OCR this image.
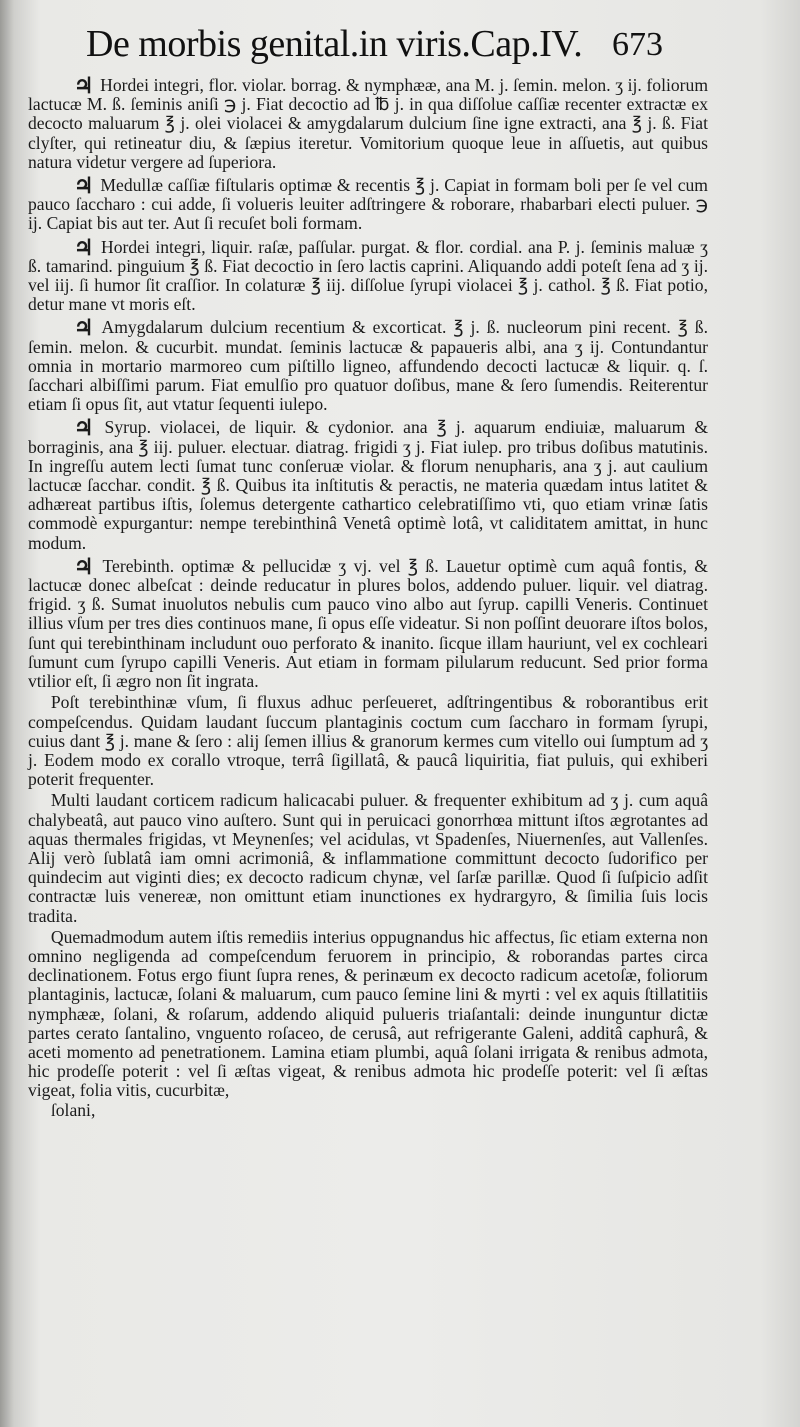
De morbis genital.in viris.Cap.IV. 673

♃ Hordei integri, flor. violar. borrag. & nymphææ, ana M. j. ſemin. melon. ʒ ij. foliorum lactucæ M. ß. ſeminis aniſi ℈ j. Fiat decoctio ad ℔ j. in qua diſſolue caſſiæ recenter extractæ ex decocto maluarum ℥ j. olei violacei & amygdalarum dulcium ſine igne extracti, ana ℥ j. ß. Fiat clyſter, qui retineatur diu, & ſæpius iteretur. Vomitorium quoque leue in aſſuetis, aut quibus natura videtur vergere ad ſuperiora.

♃ Medullæ caſſiæ fiſtularis optimæ & recentis ℥ j. Capiat in formam boli per ſe vel cum pauco ſaccharo : cui adde, ſi volueris leuiter adſtringere & roborare, rhabarbari electi puluer. ℈ ij. Capiat bis aut ter. Aut ſi recuſet boli formam.

♃ Hordei integri, liquir. raſæ, paſſular. purgat. & flor. cordial. ana P. j. ſeminis maluæ ʒ ß. tamarind. pinguium ℥ ß. Fiat decoctio in ſero lactis caprini. Aliquando addi poteſt ſena ad ʒ ij. vel iij. ſi humor ſit craſſior. In colaturæ ℥ iij. diſſolue ſyrupi violacei ℥ j. cathol. ℥ ß. Fiat potio, detur mane vt moris eſt.

♃ Amygdalarum dulcium recentium & excorticat. ℥ j. ß. nucleorum pini recent. ℥ ß. ſemin. melon. & cucurbit. mundat. ſeminis lactucæ & papaueris albi, ana ʒ ij. Contundantur omnia in mortario marmoreo cum piſtillo ligneo, affundendo decocti lactucæ & liquir. q. ſ. ſacchari albiſſimi parum. Fiat emulſio pro quatuor doſibus, mane & ſero ſumendis. Reiterentur etiam ſi opus ſit, aut vtatur ſequenti iulepo.

♃ Syrup. violacei, de liquir. & cydonior. ana ℥ j. aquarum endiuiæ, maluarum & borraginis, ana ℥ iij. puluer. electuar. diatrag. frigidi ʒ j. Fiat iulep. pro tribus doſibus matutinis. In ingreſſu autem lecti ſumat tunc conſeruæ violar. & florum nenupharis, ana ʒ j. aut caulium lactucæ ſacchar. condit. ℥ ß. Quibus ita inſtitutis & peractis, ne materia quædam intus latitet & adhæreat partibus iſtis, ſolemus detergente cathartico celebratiſſimo vti, quo etiam vrinæ ſatis commodè expurgantur: nempe terebinthinâ Venetâ optimè lotâ, vt caliditatem amittat, in hunc modum.

♃ Terebinth. optimæ & pellucidæ ʒ vj. vel ℥ ß. Lauetur optimè cum aquâ fontis, & lactucæ donec albeſcat : deinde reducatur in plures bolos, addendo puluer. liquir. vel diatrag. frigid. ʒ ß. Sumat inuolutos nebulis cum pauco vino albo aut ſyrup. capilli Veneris. Continuet illius vſum per tres dies continuos mane, ſi opus eſſe videatur. Si non poſſint deuorare iſtos bolos, ſunt qui terebinthinam includunt ouo perforato & inanito. ſicque illam hauriunt, vel ex cochleari ſumunt cum ſyrupo capilli Veneris. Aut etiam in formam pilularum reducunt. Sed prior forma vtilior eſt, ſi ægro non ſit ingrata.

Poſt terebinthinæ vſum, ſi fluxus adhuc perſeueret, adſtringentibus & roborantibus erit compeſcendus. Quidam laudant ſuccum plantaginis coctum cum ſaccharo in formam ſyrupi, cuius dant ℥ j. mane & ſero : alij ſemen illius & granorum kermes cum vitello oui ſumptum ad ʒ j. Eodem modo ex corallo vtroque, terrâ ſigillatâ, & paucâ liquiritia, fiat puluis, qui exhiberi poterit frequenter.

Multi laudant corticem radicum halicacabi puluer. & frequenter exhibitum ad ʒ j. cum aquâ chalybeatâ, aut pauco vino auſtero. Sunt qui in peruicaci gonorrhœa mittunt iſtos ægrotantes ad aquas thermales frigidas, vt Meynenſes; vel acidulas, vt Spadenſes, Niuernenſes, aut Vallenſes. Alij verò ſublatâ iam omni acrimoniâ, & inflammatione committunt decocto ſudorifico per quindecim aut viginti dies; ex decocto radicum chynæ, vel ſarſæ parillæ. Quod ſi ſuſpicio adſit contractæ luis venereæ, non omittunt etiam inunctiones ex hydrargyro, & ſimilia ſuis locis tradita.

Quemadmodum autem iſtis remediis interius oppugnandus hic affectus, ſic etiam externa non omnino negligenda ad compeſcendum feruorem in principio, & roborandas partes circa declinationem. Fotus ergo fiunt ſupra renes, & perinæum ex decocto radicum acetoſæ, foliorum plantaginis, lactucæ, ſolani & maluarum, cum pauco ſemine lini & myrti : vel ex aquis ſtillatitiis nymphææ, ſolani, & roſarum, addendo aliquid pulueris triaſantali: deinde inunguntur dictæ partes cerato ſantalino, vnguento roſaceo, de cerusâ, aut refrigerante Galeni, additâ caphurâ, & aceti momento ad penetrationem. Lamina etiam plumbi, aquâ ſolani irrigata & renibus admota, hic prodeſſe poterit : vel ſi æſtas vigeat, & renibus admota hic prodeſſe poterit: vel ſi æſtas vigeat, folia vitis, cucurbitæ,
ſolani,
